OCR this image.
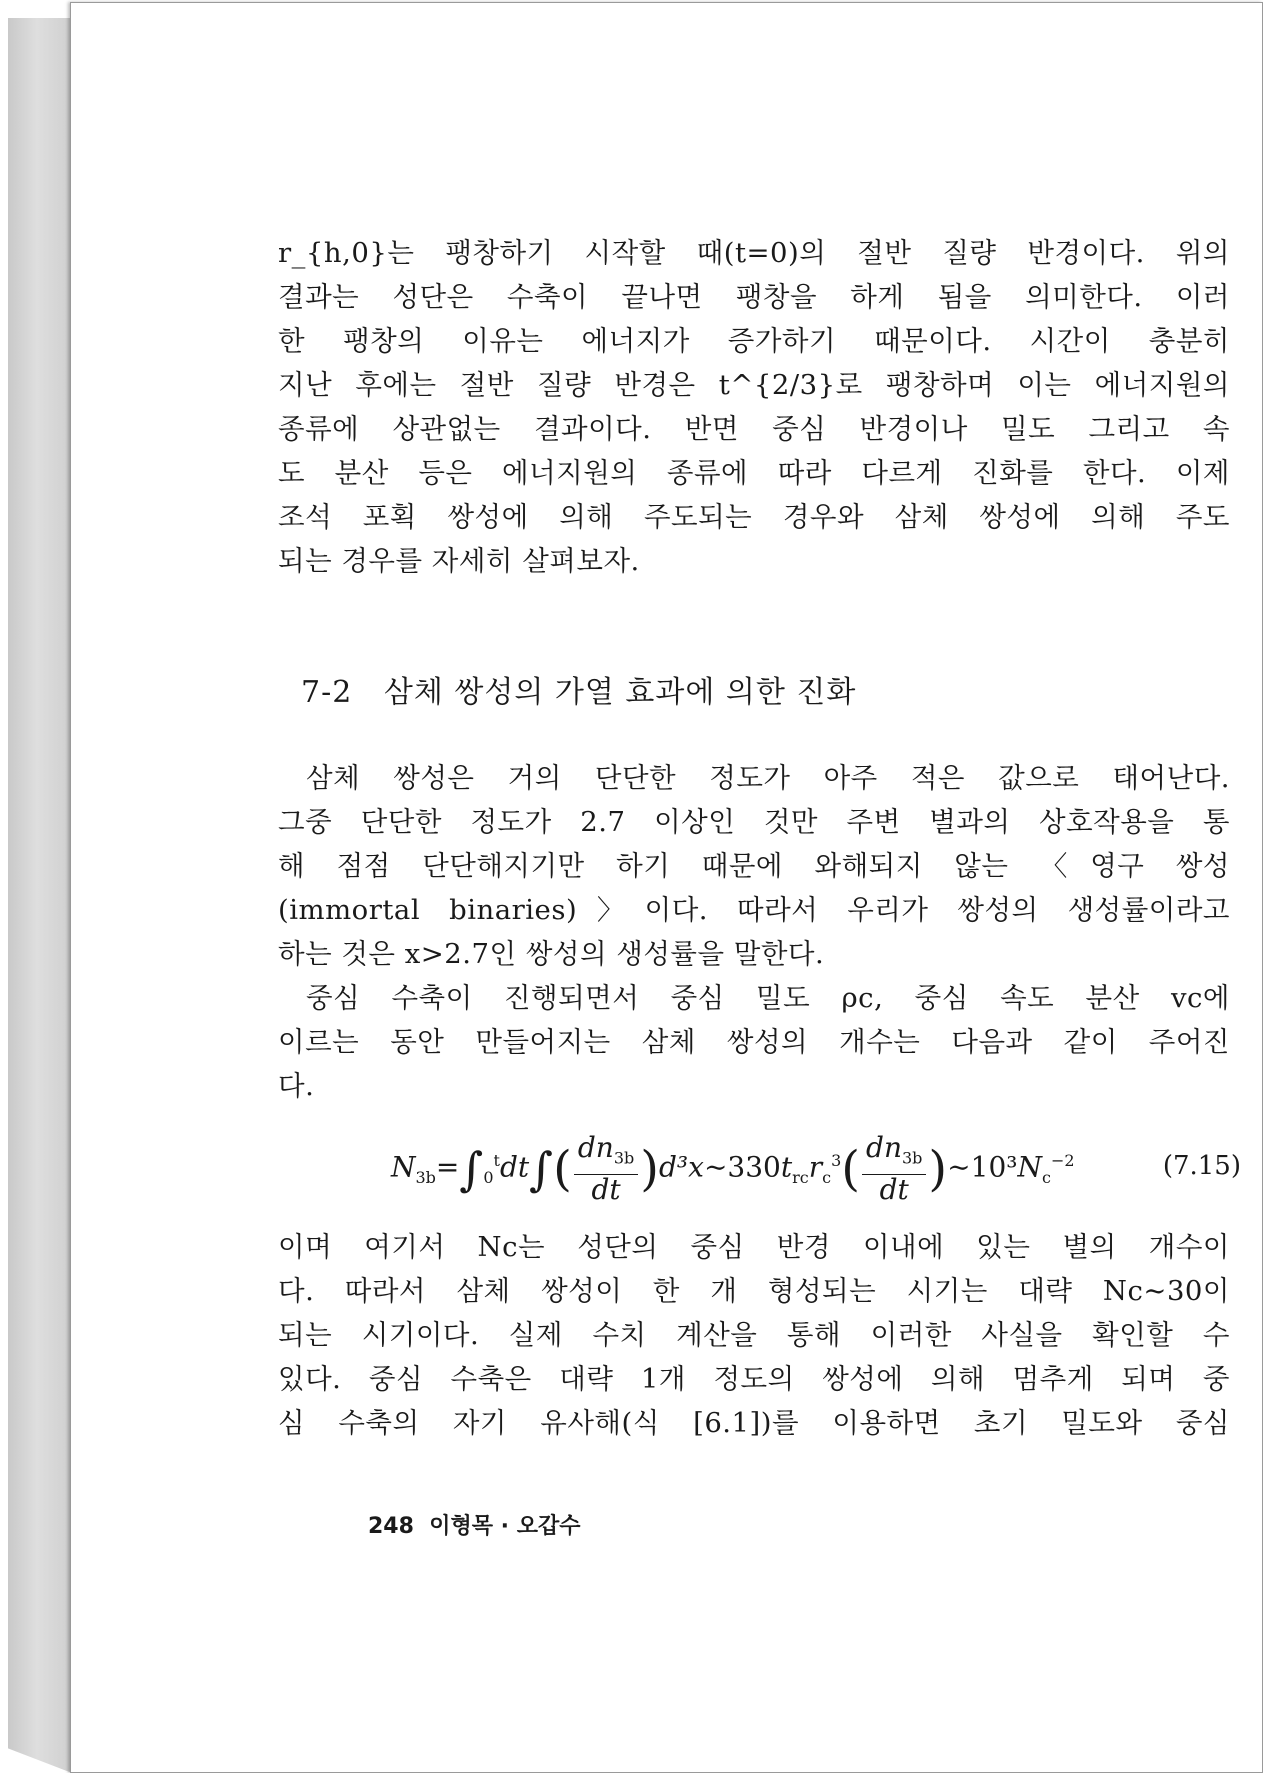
r_{h,0}는 팽창하기 시작할 때(t=0)의 절반 질량 반경이다. 위의
결과는 성단은 수축이 끝나면 팽창을 하게 됨을 의미한다. 이러
한 팽창의 이유는 에너지가 증가하기 때문이다. 시간이 충분히
지난 후에는 절반 질량 반경은 t^{2/3}로 팽창하며 이는 에너지원의
종류에 상관없는 결과이다. 반면 중심 반경이나 밀도 그리고 속
도 분산 등은 에너지원의 종류에 따라 다르게 진화를 한다. 이제
조석 포획 쌍성에 의해 주도되는 경우와 삼체 쌍성에 의해 주도
되는 경우를 자세히 살펴보자.
7-2 삼체 쌍성의 가열 효과에 의한 진화
삼체 쌍성은 거의 단단한 정도가 아주 적은 값으로 태어난다.
그중 단단한 정도가 2.7 이상인 것만 주변 별과의 상호작용을 통
해 점점 단단해지기만 하기 때문에 와해되지 않는 〈영구 쌍성
(immortal binaries)〉이다. 따라서 우리가 쌍성의 생성률이라고
하는 것은 x>2.7인 쌍성의 생성률을 말한다.
중심 수축이 진행되면서 중심 밀도 ρc, 중심 속도 분산 vc에
이르는 동안 만들어지는 삼체 쌍성의 개수는 다음과 같이 주어진
다.
$N_{3b}=\int_0^tdt\int( \frac{dn_{3b}}{dt}$ )$d^3x\sim 330t_{rc}r_c^3( \frac{dn_{3b}}{dt}$ )$\sim 10^3N_c^{-2}$	(7.15)
이며 여기서 Nc는 성단의 중심 반경 이내에 있는 별의 개수이
다. 따라서 삼체 쌍성이 한 개 형성되는 시기는 대략 Nc∼30이
되는 시기이다. 실제 수치 계산을 통해 이러한 사실을 확인할 수
있다. 중심 수축은 대략 1개 정도의 쌍성에 의해 멈추게 되며 중
심 수축의 자기 유사해(식 [6.1])를 이용하면 초기 밀도와 중심
248 이형목 · 오갑수
